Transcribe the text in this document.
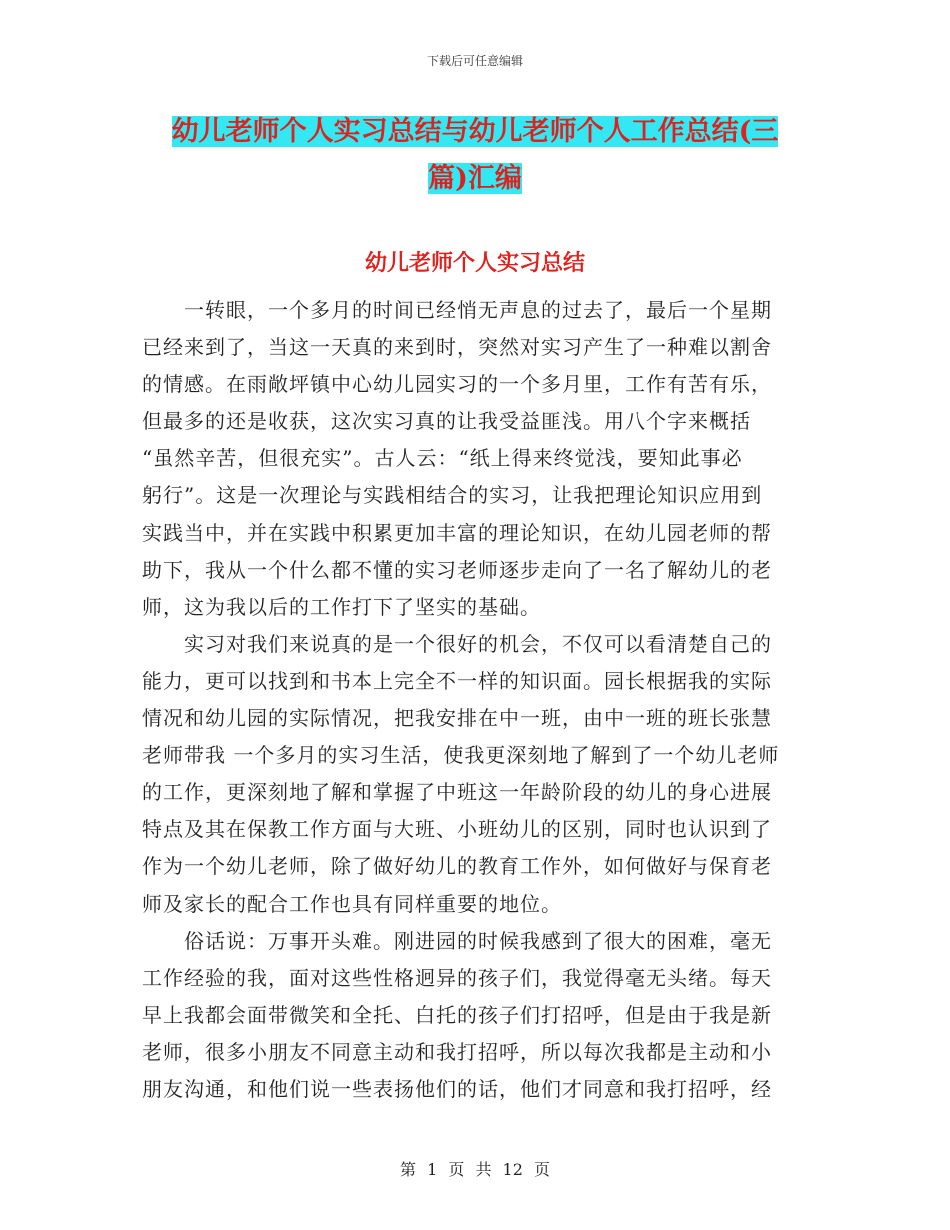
下载后可任意编辑
幼儿老师个人实习总结与幼儿老师个人工作总结(三
篇)汇编
幼儿老师个人实习总结
一转眼，一个多月的时间已经悄无声息的过去了，最后一个星期
已经来到了，当这一天真的来到时，突然对实习产生了一种难以割舍
的情感。在雨敞坪镇中心幼儿园实习的一个多月里，工作有苦有乐，
但最多的还是收获，这次实习真的让我受益匪浅。用八个字来概括
“虽然辛苦，但很充实”。古人云：“纸上得来终觉浅，要知此事必
躬行”。这是一次理论与实践相结合的实习，让我把理论知识应用到
实践当中，并在实践中积累更加丰富的理论知识，在幼儿园老师的帮
助下，我从一个什么都不懂的实习老师逐步走向了一名了解幼儿的老
师，这为我以后的工作打下了坚实的基础。
实习对我们来说真的是一个很好的机会，不仅可以看清楚自己的
能力，更可以找到和书本上完全不一样的知识面。园长根据我的实际
情况和幼儿园的实际情况，把我安排在中一班，由中一班的班长张慧
老师带我 一个多月的实习生活，使我更深刻地了解到了一个幼儿老师
的工作，更深刻地了解和掌握了中班这一年龄阶段的幼儿的身心进展
特点及其在保教工作方面与大班、小班幼儿的区别，同时也认识到了
作为一个幼儿老师，除了做好幼儿的教育工作外，如何做好与保育老
师及家长的配合工作也具有同样重要的地位。
俗话说：万事开头难。刚进园的时候我感到了很大的困难，毫无
工作经验的我，面对这些性格迥异的孩子们，我觉得毫无头绪。每天
早上我都会面带微笑和全托、白托的孩子们打招呼，但是由于我是新
老师，很多小朋友不同意主动和我打招呼，所以每次我都是主动和小
朋友沟通，和他们说一些表扬他们的话，他们才同意和我打招呼，经
第 1 页 共 12 页
